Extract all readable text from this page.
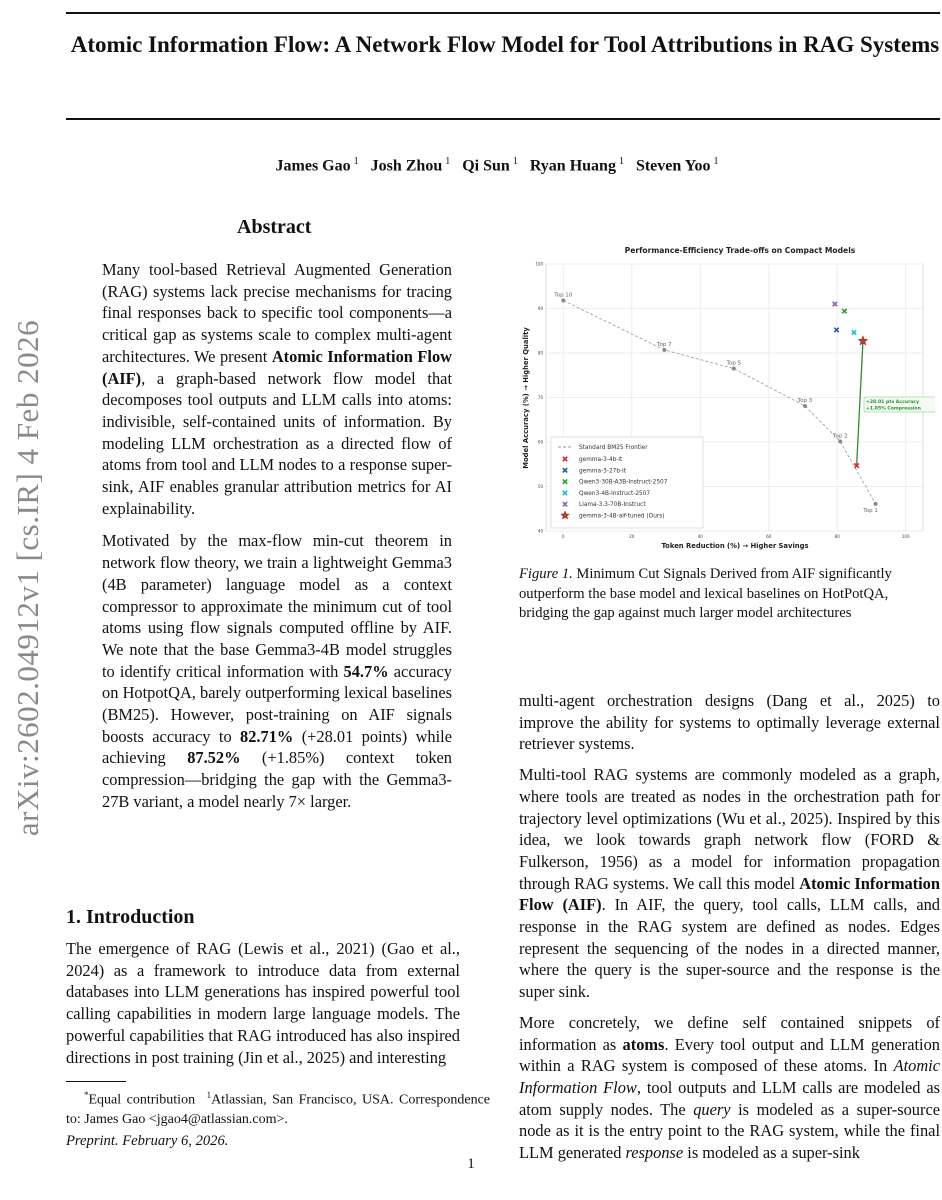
arXiv:2602.04912v1 [cs.IR] 4 Feb 2026
Atomic Information Flow: A Network Flow Model for Tool Attributions in RAG Systems
James Gao $^1$ Josh Zhou $^1$ Qi Sun $^1$ Ryan Huang $^1$ Steven Yoo $^1$
Abstract

Many tool-based Retrieval Augmented Generation (RAG) systems lack precise mechanisms for tracing final responses back to specific tool components—a critical gap as systems scale to complex multi-agent architectures. We present Atomic Information Flow (AIF), a graph-based network flow model that decomposes tool outputs and LLM calls into atoms: indivisible, self-contained units of information. By modeling LLM orchestration as a directed flow of atoms from tool and LLM nodes to a response super-sink, AIF enables granular attribution metrics for AI explainability.

Motivated by the max-flow min-cut theorem in network flow theory, we train a lightweight Gemma3 (4B parameter) language model as a context compressor to approximate the minimum cut of tool atoms using flow signals computed offline by AIF. We note that the base Gemma3-4B model struggles to identify critical information with 54.7% accuracy on HotpotQA, barely outperforming lexical baselines (BM25). However, post-training on AIF signals boosts accuracy to 82.71% (+28.01 points) while achieving 87.52% (+1.85%) context token compression—bridging the gap with the Gemma3-27B variant, a model nearly 7× larger.

1. Introduction

The emergence of RAG (Lewis et al., 2021) (Gao et al., 2024) as a framework to introduce data from external databases into LLM generations has inspired powerful tool calling capabilities in modern large language models. The powerful capabilities that RAG introduced has also inspired directions in post training (Jin et al., 2025) and interesting

*Equal contribution $^1$Atlassian, San Francisco, USA. Correspondence to: James Gao <jgao4@atlassian.com>.
Preprint. February 6, 2026.
1
0	20	40	60	80	100
40
50
60
70
80
90
100
Performance-Efficiency Trade-offs on Compact Models
Token Reduction (%) → Higher Savings
Model Accuracy (%) → Higher Quality
Top 10
Top 7
Top 5
Top 3
Top 2
Top 1
+28.01 pts Accuracy
+1.85% Compression
Standard BM25 Frontier
gemma-3-4b-it
gemma-3-27b-it
Qwen3-30B-A3B-Instruct-2507
Qwen3-4B-Instruct-2507
Llama-3.3-70B-Instruct
gemma-3-4B-aif-tuned (Ours)
Figure 1. Minimum Cut Signals Derived from AIF significantly outperform the base model and lexical baselines on HotPotQA, bridging the gap against much larger model architectures

multi-agent orchestration designs (Dang et al., 2025) to improve the ability for systems to optimally leverage external retriever systems.

Multi-tool RAG systems are commonly modeled as a graph, where tools are treated as nodes in the orchestration path for trajectory level optimizations (Wu et al., 2025). Inspired by this idea, we look towards graph network flow (FORD & Fulkerson, 1956) as a model for information propagation through RAG systems. We call this model Atomic Information Flow (AIF). In AIF, the query, tool calls, LLM calls, and response in the RAG system are defined as nodes. Edges represent the sequencing of the nodes in a directed manner, where the query is the super-source and the response is the super sink.

More concretely, we define self contained snippets of information as atoms. Every tool output and LLM generation within a RAG system is composed of these atoms. In Atomic Information Flow, tool outputs and LLM calls are modeled as atom supply nodes. The query is modeled as a super-source node as it is the entry point to the RAG system, while the final LLM generated response is modeled as a super-sink
